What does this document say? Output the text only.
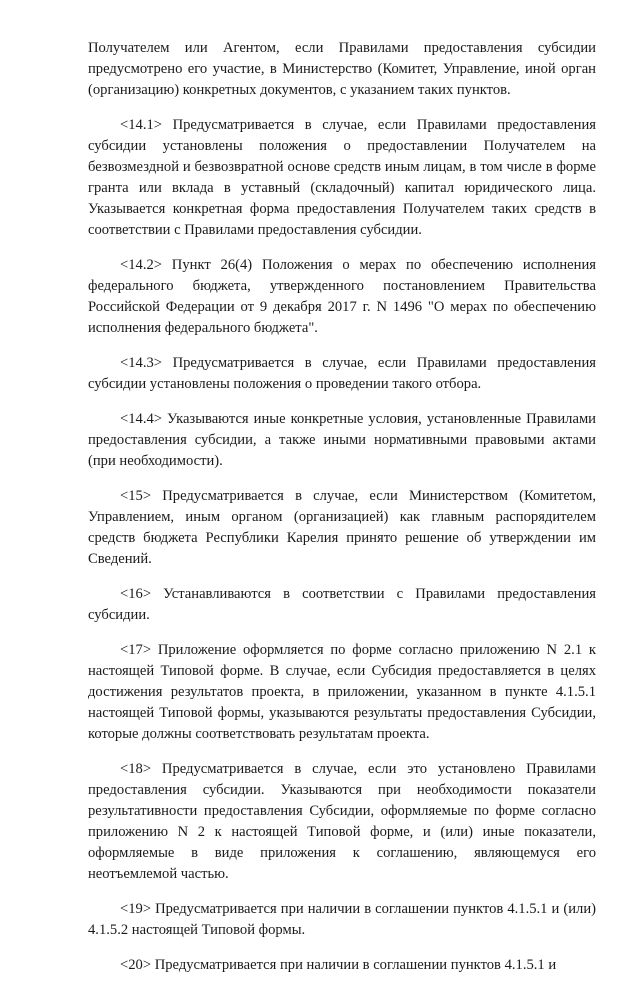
Получателем или Агентом, если Правилами предоставления субсидии предусмотрено его участие, в Министерство (Комитет, Управление, иной орган (организацию) конкретных документов, с указанием таких пунктов.

<14.1> Предусматривается в случае, если Правилами предоставления субсидии установлены положения о предоставлении Получателем на безвозмездной и безвозвратной основе средств иным лицам, в том числе в форме гранта или вклада в уставный (складочный) капитал юридического лица. Указывается конкретная форма предоставления Получателем таких средств в соответствии с Правилами предоставления субсидии.

<14.2> Пункт 26(4) Положения о мерах по обеспечению исполнения федерального бюджета, утвержденного постановлением Правительства Российской Федерации от 9 декабря 2017 г. N 1496 "О мерах по обеспечению исполнения федерального бюджета".

<14.3> Предусматривается в случае, если Правилами предоставления субсидии установлены положения о проведении такого отбора.

<14.4> Указываются иные конкретные условия, установленные Правилами предоставления субсидии, а также иными нормативными правовыми актами (при необходимости).

<15> Предусматривается в случае, если Министерством (Комитетом, Управлением, иным органом (организацией) как главным распорядителем средств бюджета Республики Карелия принято решение об утверждении им Сведений.

<16> Устанавливаются в соответствии с Правилами предоставления субсидии.

<17> Приложение оформляется по форме согласно приложению N 2.1 к настоящей Типовой форме. В случае, если Субсидия предоставляется в целях достижения результатов проекта, в приложении, указанном в пункте 4.1.5.1 настоящей Типовой формы, указываются результаты предоставления Субсидии, которые должны соответствовать результатам проекта.

<18> Предусматривается в случае, если это установлено Правилами предоставления субсидии. Указываются при необходимости показатели результативности предоставления Субсидии, оформляемые по форме согласно приложению N 2 к настоящей Типовой форме, и (или) иные показатели, оформляемые в виде приложения к соглашению, являющемуся его неотъемлемой частью.

<19> Предусматривается при наличии в соглашении пунктов 4.1.5.1 и (или) 4.1.5.2 настоящей Типовой формы.

<20> Предусматривается при наличии в соглашении пунктов 4.1.5.1 и
